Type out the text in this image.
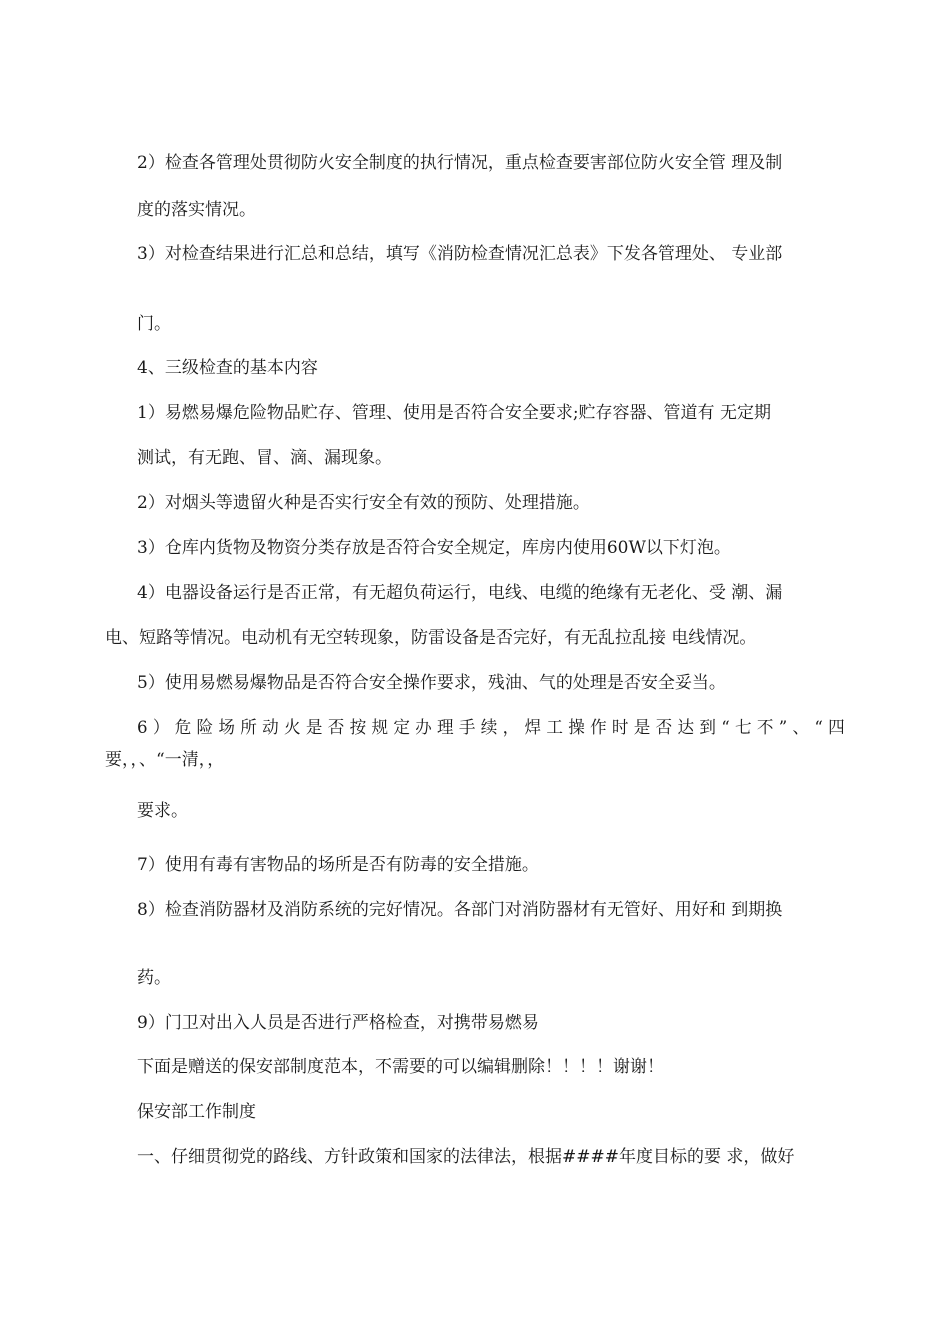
2）检查各管理处贯彻防火安全制度的执行情况，重点检查要害部位防火安全管 理及制

度的落实情况。

3）对检查结果进行汇总和总结，填写《消防检查情况汇总表》下发各管理处、 专业部

门。

4、三级检查的基本内容

1）易燃易爆危险物品贮存、管理、使用是否符合安全要求;贮存容器、管道有 无定期

测试，有无跑、冒、滴、漏现象。

2）对烟头等遗留火种是否实行安全有效的预防、处理措施。

3）仓库内货物及物资分类存放是否符合安全规定，库房内使用60W以下灯泡。

4）电器设备运行是否正常，有无超负荷运行，电线、电缆的绝缘有无老化、受 潮、漏

电、短路等情况。电动机有无空转现象，防雷设备是否完好，有无乱拉乱接 电线情况。

5）使用易燃易爆物品是否符合安全操作要求，残油、气的处理是否安全妥当。

6）危险场所动火是否按规定办理手续，焊工操作时是否达到“七不”、“四

要，，、“一清，，

要求。

7）使用有毒有害物品的场所是否有防毒的安全措施。

8）检查消防器材及消防系统的完好情况。各部门对消防器材有无管好、用好和 到期换

药。

9）门卫对出入人员是否进行严格检查，对携带易燃易

下面是赠送的保安部制度范本，不需要的可以编辑删除！！！！谢谢！

保安部工作制度

一、仔细贯彻党的路线、方针政策和国家的法律法，根据####年度目标的要 求，做好
